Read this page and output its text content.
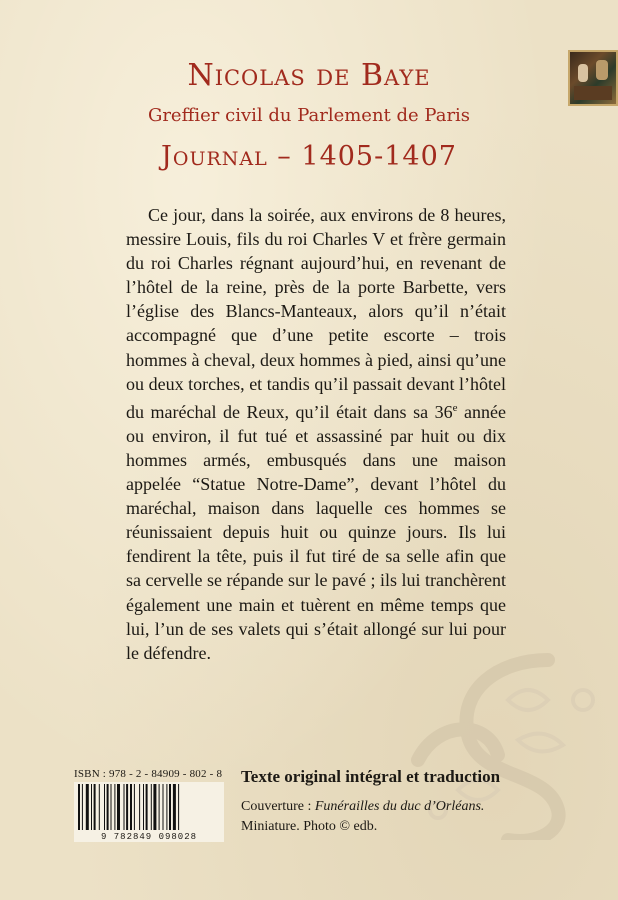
Nicolas de Baye
Greffier civil du Parlement de Paris
Journal – 1405-1407
Ce jour, dans la soirée, aux environs de 8 heures, messire Louis, fils du roi Charles V et frère germain du roi Charles régnant aujourd’hui, en revenant de l’hôtel de la reine, près de la porte Barbette, vers l’église des Blancs-Manteaux, alors qu’il n’était accompagné que d’une petite escorte – trois hommes à cheval, deux hommes à pied, ainsi qu’une ou deux torches, et tandis qu’il passait devant l’hôtel du maréchal de Reux, qu’il était dans sa 36e année ou environ, il fut tué et assassiné par huit ou dix hommes armés, embusqués dans une maison appelée “Statue Notre-Dame”, devant l’hôtel du maréchal, maison dans laquelle ces hommes se réunissaient depuis huit ou quinze jours. Ils lui fendirent la tête, puis il fut tiré de sa selle afin que sa cervelle se répande sur le pavé ; ils lui tranchèrent également une main et tuèrent en même temps que lui, l’un de ses valets qui s’était allongé sur lui pour le défendre.
ISBN : 978 - 2 - 84909 - 802 - 8
9 782849 098028
Texte original intégral et traduction
Couverture : Funérailles du duc d’Orléans.
Miniature. Photo © edb.
